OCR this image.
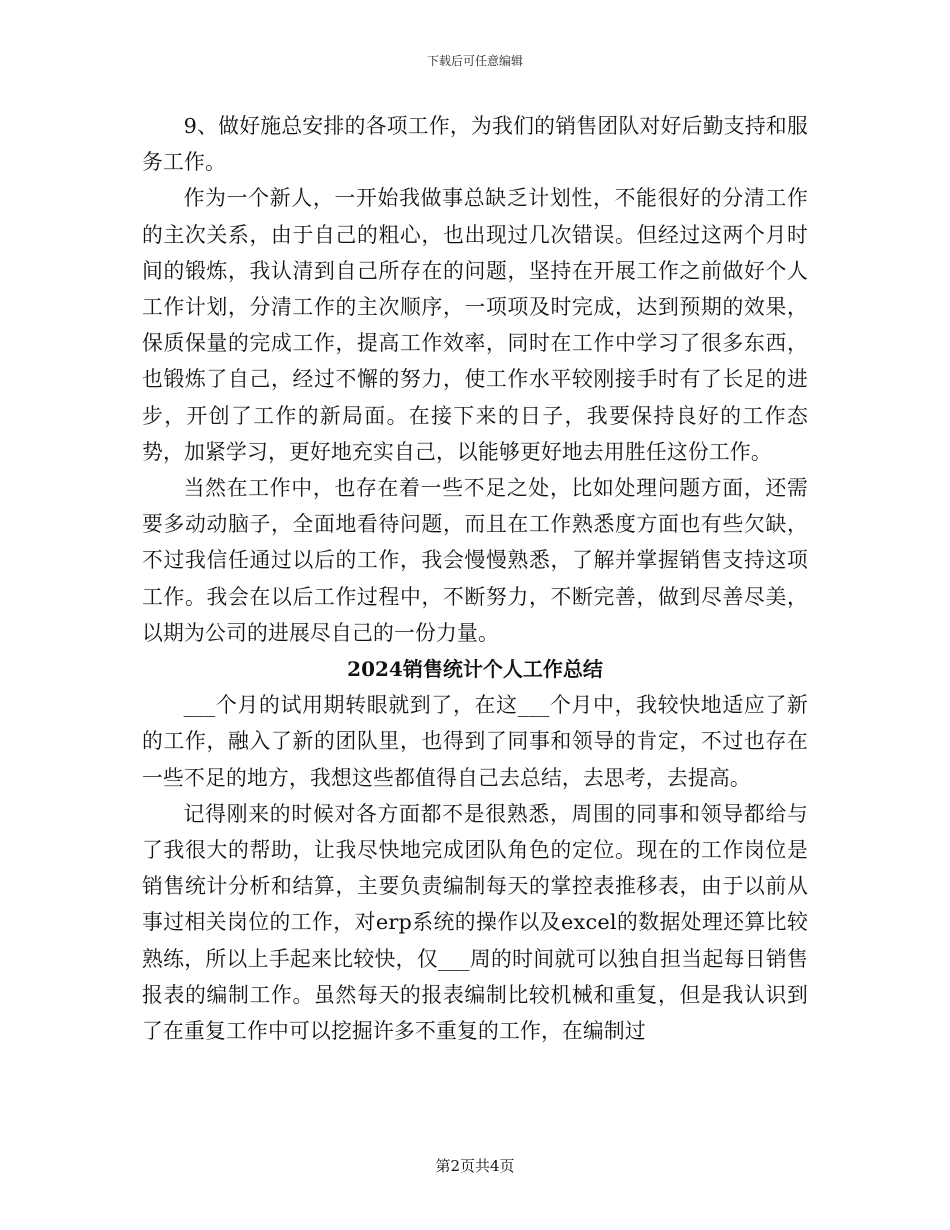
下载后可任意编辑

9、做好施总安排的各项工作，为我们的销售团队对好后勤支持和服务工作。

作为一个新人，一开始我做事总缺乏计划性，不能很好的分清工作的主次关系，由于自己的粗心，也出现过几次错误。但经过这两个月时间的锻炼，我认清到自己所存在的问题，坚持在开展工作之前做好个人工作计划，分清工作的主次顺序，一项项及时完成，达到预期的效果，保质保量的完成工作，提高工作效率，同时在工作中学习了很多东西，也锻炼了自己，经过不懈的努力，使工作水平较刚接手时有了长足的进步，开创了工作的新局面。在接下来的日子，我要保持良好的工作态势，加紧学习，更好地充实自己，以能够更好地去用胜任这份工作。

当然在工作中，也存在着一些不足之处，比如处理问题方面，还需要多动动脑子，全面地看待问题，而且在工作熟悉度方面也有些欠缺，不过我信任通过以后的工作，我会慢慢熟悉，了解并掌握销售支持这项工作。我会在以后工作过程中，不断努力，不断完善，做到尽善尽美，以期为公司的进展尽自己的一份力量。

2024销售统计个人工作总结

___个月的试用期转眼就到了，在这___个月中，我较快地适应了新的工作，融入了新的团队里，也得到了同事和领导的肯定，不过也存在一些不足的地方，我想这些都值得自己去总结，去思考，去提高。

记得刚来的时候对各方面都不是很熟悉，周围的同事和领导都给与了我很大的帮助，让我尽快地完成团队角色的定位。现在的工作岗位是销售统计分析和结算，主要负责编制每天的掌控表推移表，由于以前从事过相关岗位的工作，对erp系统的操作以及excel的数据处理还算比较熟练，所以上手起来比较快，仅___周的时间就可以独自担当起每日销售报表的编制工作。虽然每天的报表编制比较机械和重复，但是我认识到了在重复工作中可以挖掘许多不重复的工作，在编制过

第2页共4页
